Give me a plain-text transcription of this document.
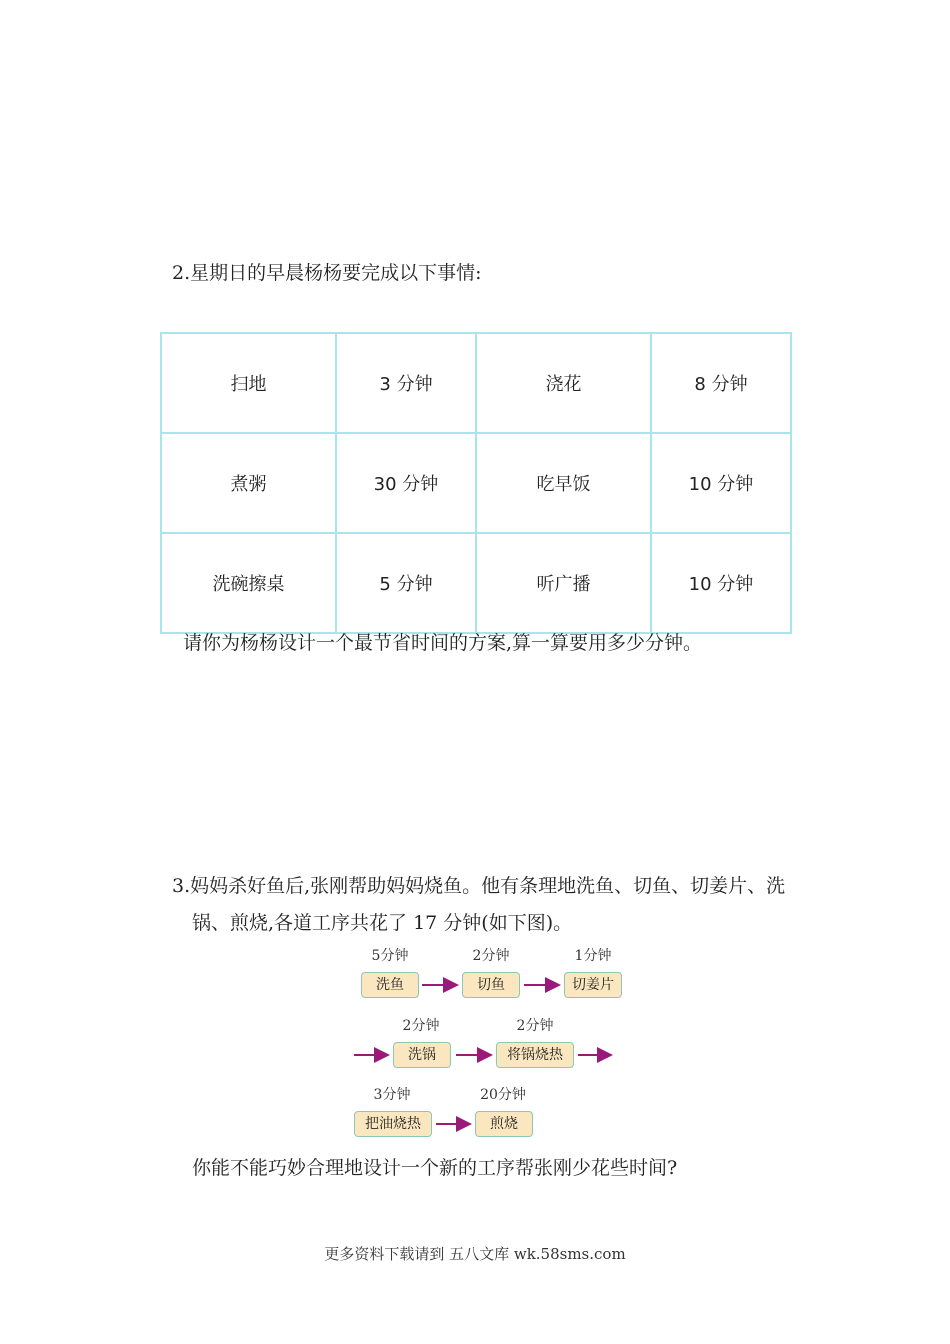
2.星期日的早晨杨杨要完成以下事情:
扫地	3 分钟	浇花	8 分钟
煮粥	30 分钟	吃早饭	10 分钟
洗碗擦桌	5 分钟	听广播	10 分钟
请你为杨杨设计一个最节省时间的方案,算一算要用多少分钟。
3.妈妈杀好鱼后,张刚帮助妈妈烧鱼。他有条理地洗鱼、切鱼、切姜片、洗
锅、煎烧,各道工序共花了 17 分钟(如下图)。
5分钟	2分钟	1分钟
洗鱼	切鱼	切姜片
2分钟	2分钟
洗锅	将锅烧热
3分钟	20分钟
把油烧热	煎烧
你能不能巧妙合理地设计一个新的工序帮张刚少花些时间?
更多资料下载请到 五八文库 wk.58sms.com
